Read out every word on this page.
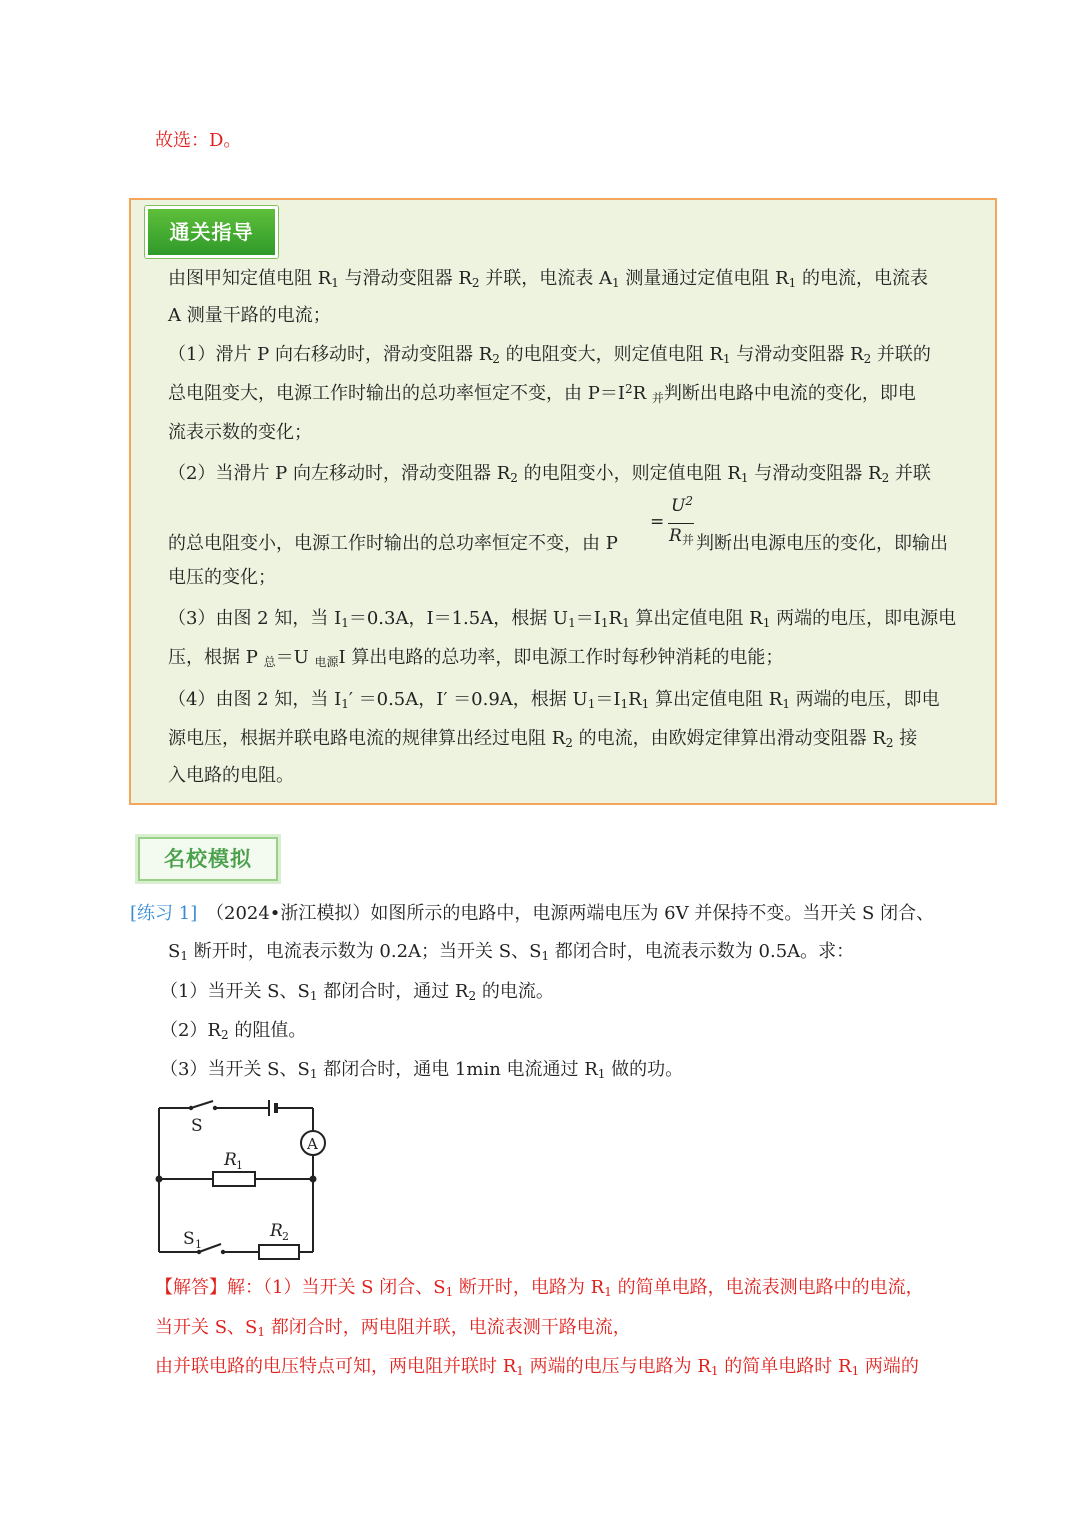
故选：D。
通关指导
由图甲知定值电阻 $R_1$ 与滑动变阻器 $R_2$ 并联，电流表 $A_1$ 测量通过定值电阻 $R_1$ 的电流，电流表
A 测量干路的电流；
（1）滑片 P 向右移动时，滑动变阻器 $R_2$ 的电阻变大，则定值电阻 $R_1$ 与滑动变阻器 $R_2$ 并联的
总电阻变大，电源工作时输出的总功率恒定不变，由 $P=I^2R$ $_并$判断出电路中电流的变化，即电
流表示数的变化；
（2）当滑片 P 向左移动时，滑动变阻器 $R_2$ 的电阻变小，则定值电阻 $R_1$ 与滑动变阻器 $R_2$ 并联
的总电阻变小，电源工作时输出的总功率恒定不变，由 P
=
$U^2$
$R_并$ 判断出电源电压的变化，即输出
电压的变化；
（3）由图 2 知，当 $I_1=0.3A$，I＝1.5A，根据 $U_1=I_1R_1$ 算出定值电阻 $R_1$ 两端的电压，即电源电
压，根据 P $_总$＝U $_{电源}$I 算出电路的总功率，即电源工作时每秒钟消耗的电能；
（4）由图 2 知，当 $I_1' =0.5A$，I′ ＝0.9A，根据 $U_1=I_1R_1$ 算出定值电阻 $R_1$ 两端的电压，即电
源电压，根据并联电路电流的规律算出经过电阻 $R_2$ 的电流，由欧姆定律算出滑动变阻器 $R_2$ 接
入电路的电阻。
名校模拟
[练习 1] （2024•浙江模拟）如图所示的电路中，电源两端电压为 6V 并保持不变。当开关 S 闭合、
$S_1$ 断开时，电流表示数为 0.2A；当开关 S、$S_1$ 都闭合时，电流表示数为 0.5A。求：
（1）当开关 S、$S_1$ 都闭合时，通过 $R_2$ 的电流。
$(2)R_2$ 的阻值。
（3）当开关 S、$S_1$ 都闭合时，通电 1min 电流通过 $R_1$ 做的功。
S
A
R 1
S 1
R 2
【解答】解：（1）当开关 S 闭合、$S_1$ 断开时，电路为 $R_1$ 的简单电路，电流表测电路中的电流，
当开关 S、$S_1$ 都闭合时，两电阻并联，电流表测干路电流，
由并联电路的电压特点可知，两电阻并联时 $R_1$ 两端的电压与电路为 $R_1$ 的简单电路时 $R_1$ 两端的
